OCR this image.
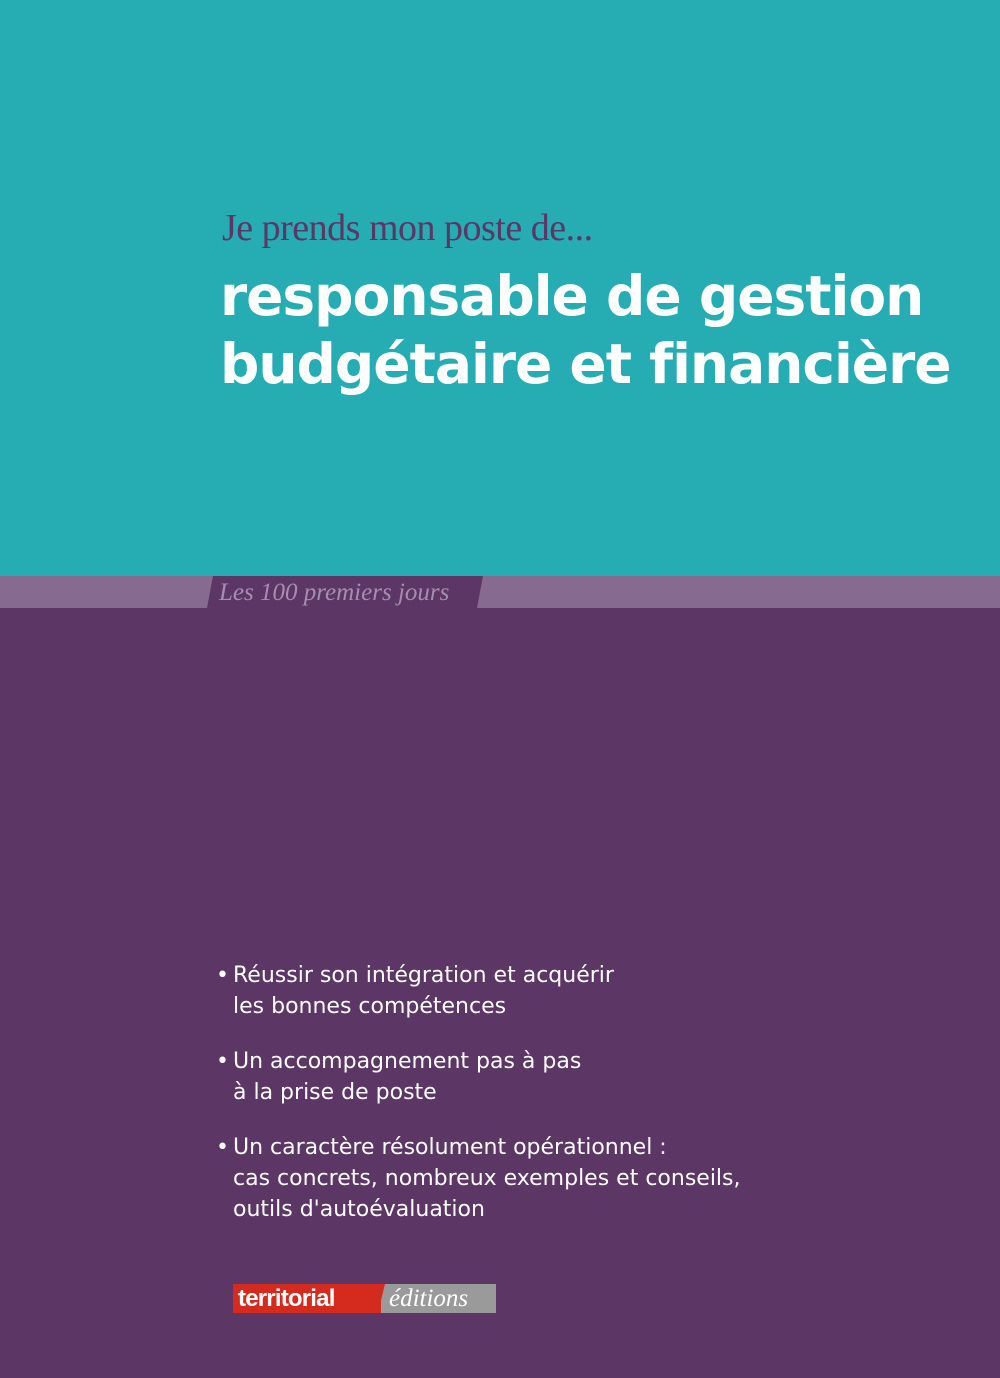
Je prends mon poste de...
responsable de gestion
budgétaire et financière
Les 100 premiers jours
• Réussir son intégration et acquérir
les bonnes compétences
• Un accompagnement pas à pas
à la prise de poste
• Un caractère résolument opérationnel :
cas concrets, nombreux exemples et conseils,
outils d'autoévaluation
territorial éditions
